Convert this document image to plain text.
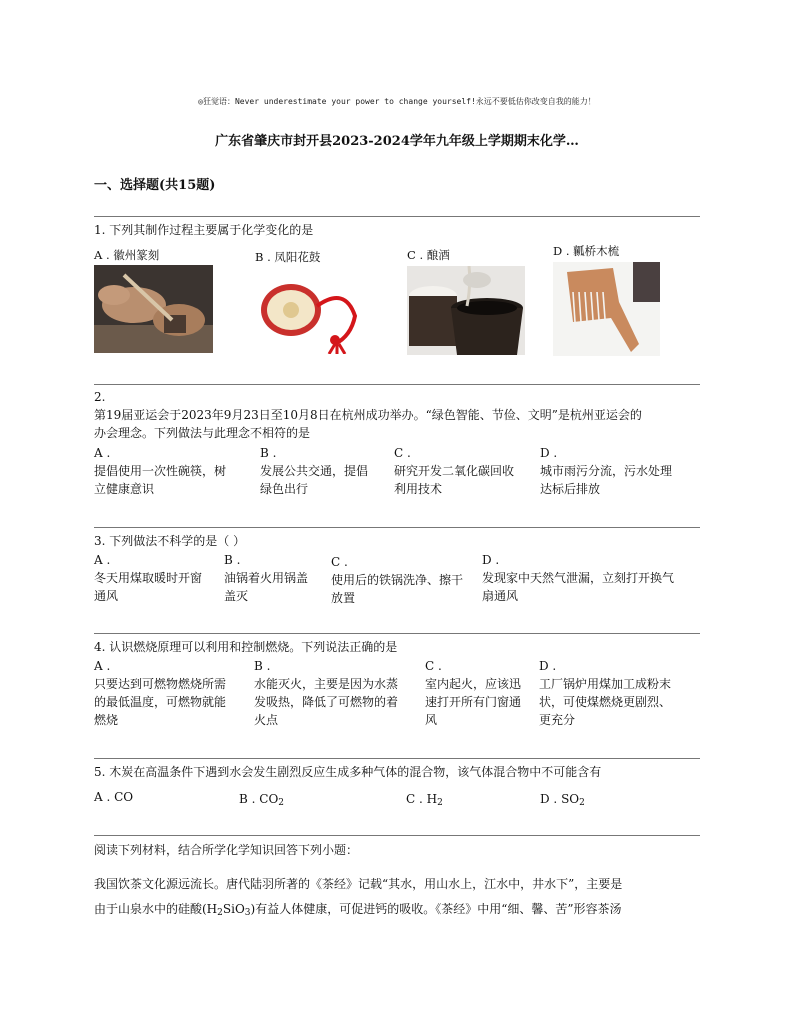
◎狂觉语：Never underestimate your power to change yourself!永远不要低估你改变自我的能力！
广东省肇庆市封开县2023-2024学年九年级上学期期末化学…
一、选择题(共15题)
1. 下列其制作过程主要属于化学变化的是
A . 徽州篆刻	B . 凤阳花鼓	C . 酿酒	D . 瓤桥木梳
2.
第19届亚运会于2023年9月23日至10月8日在杭州成功举办。“绿色智能、节俭、文明”是杭州亚运会的
办会理念。下列做法与此理念不相符的是
A .
提倡使用一次性碗筷，树
立健康意识
B .
发展公共交通，提倡
绿色出行
C .
研究开发二氧化碳回收
利用技术
D .
城市雨污分流，污水处理
达标后排放
3. 下列做法不科学的是（ ）
A .
冬天用煤取暖时开窗
通风
B .
油锅着火用锅盖
盖灭
C .
使用后的铁锅洗净、擦干
放置
D .
发现家中天然气泄漏，立刻打开换气
扇通风
4. 认识燃烧原理可以利用和控制燃烧。下列说法正确的是
A .
只要达到可燃物燃烧所需
的最低温度，可燃物就能
燃烧
B .
水能灭火，主要是因为水蒸
发吸热，降低了可燃物的着
火点
C .
室内起火，应该迅
速打开所有门窗通
风
D .
工厂锅炉用煤加工成粉末
状，可使煤燃烧更剧烈、
更充分
5. 木炭在高温条件下遇到水会发生剧烈反应生成多种气体的混合物，该气体混合物中不可能含有
A . CO	B . $CO_2$	C . $H_2$	D . $SO_2$
阅读下列材料，结合所学化学知识回答下列小题：
我国饮茶文化源远流长。唐代陆羽所著的《茶经》记载“其水，用山水上，江水中，井水下”，主要是
由于山泉水中的硅酸$(H_2SiO_3)$有益人体健康，可促进钙的吸收。《茶经》中用“细、馨、苦”形容茶汤
